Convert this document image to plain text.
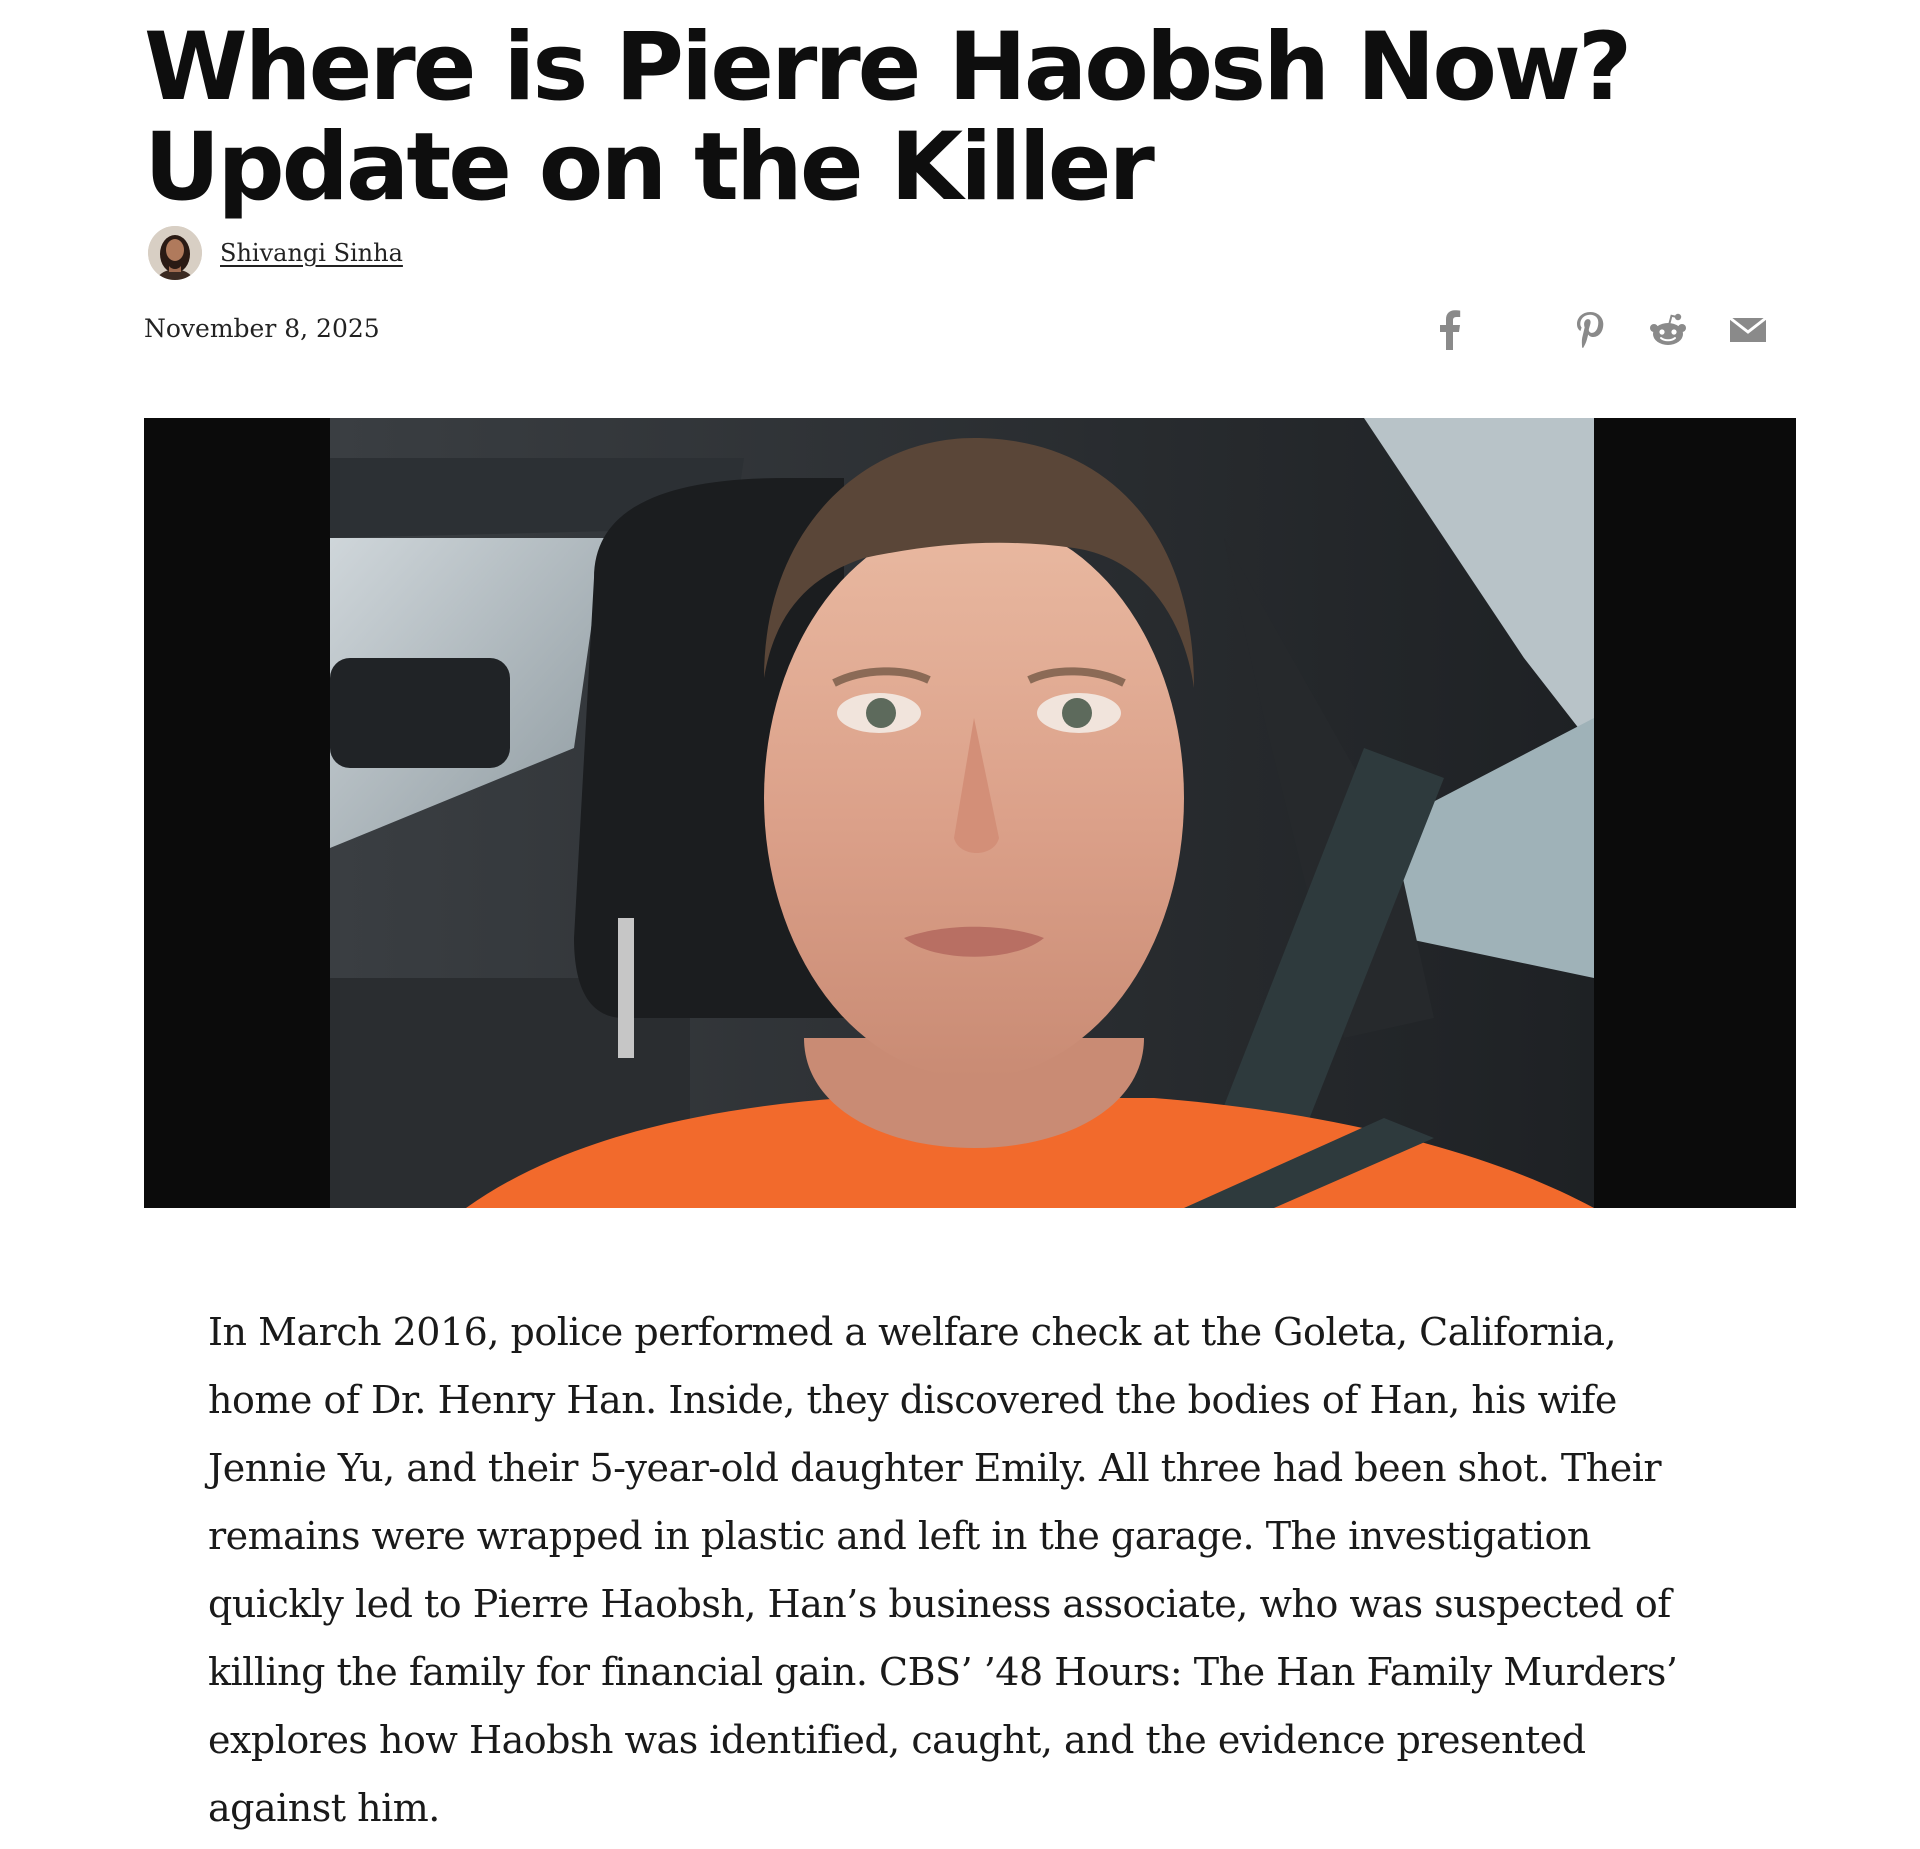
Where is Pierre Haobsh Now? Update on the Killer
Shivangi Sinha
November 8, 2025

In March 2016, police performed a welfare check at the Goleta, California, home of Dr. Henry Han. Inside, they discovered the bodies of Han, his wife Jennie Yu, and their 5-year-old daughter Emily. All three had been shot. Their remains were wrapped in plastic and left in the garage. The investigation quickly led to Pierre Haobsh, Han’s business associate, who was suspected of killing the family for financial gain. CBS’ ’48 Hours: The Han Family Murders’ explores how Haobsh was identified, caught, and the evidence presented against him.
